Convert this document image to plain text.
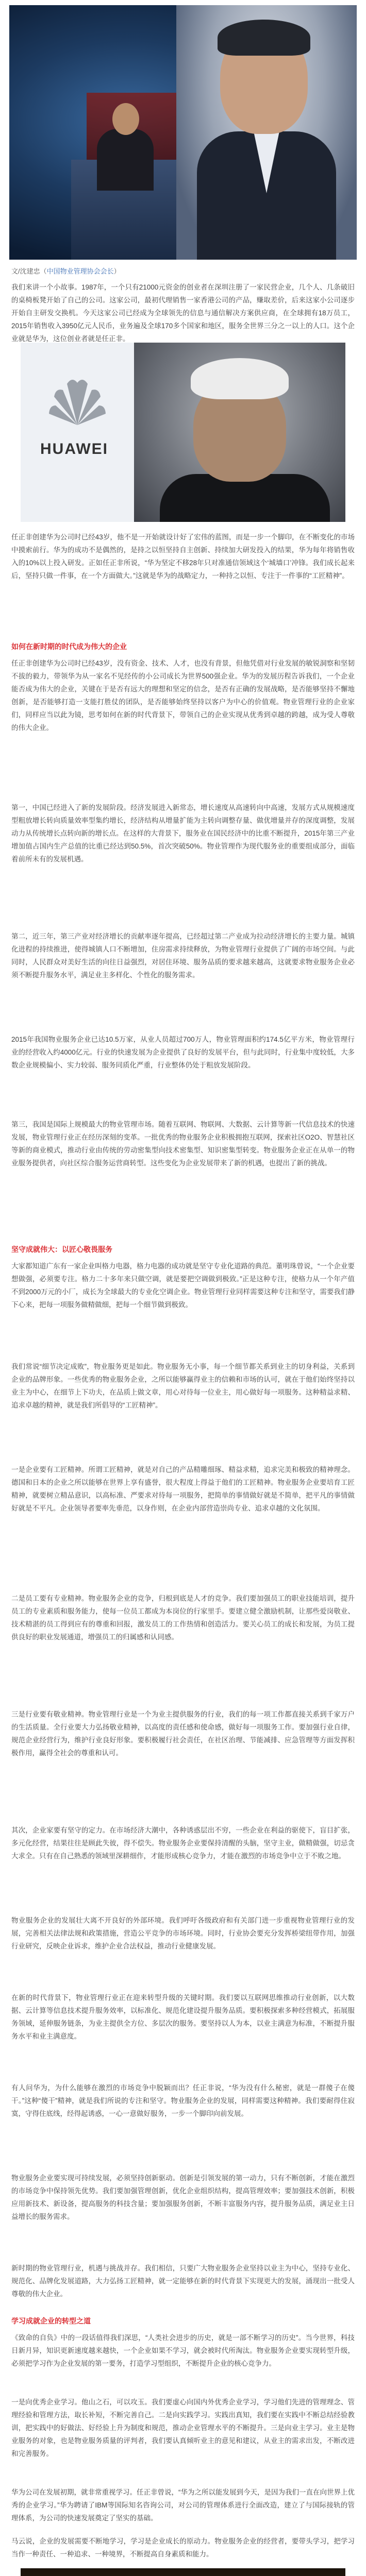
文/沈建忠（中国物业管理协会会长）

我们来讲一个小故事。1987年，一个只有21000元资金的创业者在深圳注册了一家民营企业，几个人、几条破旧的桌椅板凳开始了自己的公司。这家公司，最初代理销售一家香港公司的产品，赚取差价，后来这家小公司逐步开始自主研发交换机。今天这家公司已经成为全球领先的信息与通信解决方案供应商，在全球拥有18万员工，2015年销售收入3950亿元人民币，业务遍及全球170多个国家和地区，服务全世界三分之一以上的人口。这个企业就是华为，这位创业者就是任正非。

HUAWEI

任正非创建华为公司时已经43岁，他不是一开始就设计好了宏伟的蓝图，而是一步一个脚印，在不断变化的市场中摸索前行。华为的成功不是偶然的，是持之以恒坚持自主创新、持续加大研发投入的结果，华为每年将销售收入的10%以上投入研发。正如任正非所说，“华为坚定不移28年只对准通信领域这个‘城墙口’冲锋。我们成长起来后，坚持只做一件事，在一个方面做大。”这就是华为的战略定力，一种持之以恒、专注于一件事的“工匠精神”。

如何在新时期的时代成为伟大的企业

任正非创建华为公司时已经43岁，没有资金、技术、人才，也没有背景，但他凭借对行业发展的敏锐洞察和坚韧不拔的毅力，带领华为从一家名不见经传的小公司成长为世界500强企业。华为的发展历程告诉我们，一个企业能否成为伟大的企业，关键在于是否有远大的理想和坚定的信念，是否有正确的发展战略，是否能够坚持不懈地创新，是否能够打造一支能打胜仗的团队，是否能够始终坚持以客户为中心的价值观。物业管理行业的企业家们，同样应当以此为镜，思考如何在新的时代背景下，带领自己的企业实现从优秀到卓越的跨越，成为受人尊敬的伟大企业。

第一，中国已经进入了新的发展阶段。经济发展进入新常态，增长速度从高速转向中高速，发展方式从规模速度型粗放增长转向质量效率型集约增长，经济结构从增量扩能为主转向调整存量、做优增量并存的深度调整，发展动力从传统增长点转向新的增长点。在这样的大背景下，服务业在国民经济中的比重不断提升，2015年第三产业增加值占国内生产总值的比重已经达到50.5%，首次突破50%。物业管理作为现代服务业的重要组成部分，面临着前所未有的发展机遇。

第二，近三年，第三产业对经济增长的贡献率逐年提高，已经超过第二产业成为拉动经济增长的主要力量。城镇化进程的持续推进，使得城镇人口不断增加，住房需求持续释放，为物业管理行业提供了广阔的市场空间。与此同时，人民群众对美好生活的向往日益强烈，对居住环境、服务品质的要求越来越高，这就要求物业服务企业必须不断提升服务水平，满足业主多样化、个性化的服务需求。

2015年我国物业服务企业已达10.5万家，从业人员超过700万人，物业管理面积约174.5亿平方米，物业管理行业的经营收入约4000亿元。行业的快速发展为企业提供了良好的发展平台，但与此同时，行业集中度较低，大多数企业规模偏小、实力较弱、服务同质化严重，行业整体仍处于粗放发展阶段。

第三，我国是国际上规模最大的物业管理市场。随着互联网、物联网、大数据、云计算等新一代信息技术的快速发展，物业管理行业正在经历深刻的变革。一批优秀的物业服务企业积极拥抱互联网，探索社区O2O、智慧社区等新的商业模式，推动行业由传统的劳动密集型向技术密集型、知识密集型转变。物业服务企业正在从单一的物业服务提供者，向社区综合服务运营商转型。这些变化为企业发展带来了新的机遇，也提出了新的挑战。

坚守成就伟大：以匠心敬畏服务

大家都知道广东有一家企业叫格力电器，格力电器的成功就是坚守专业化道路的典范。董明珠曾说，“一个企业要想做强，必须要专注。格力二十多年来只做空调，就是要把空调做到极致。”正是这种专注，使格力从一个年产值不到2000万元的小厂，成长为全球最大的专业化空调企业。物业管理行业同样需要这种专注和坚守，需要我们静下心来，把每一项服务做精做细，把每一个细节做到极致。

我们常说“细节决定成败”，物业服务更是如此。物业服务无小事，每一个细节都关系到业主的切身利益，关系到企业的品牌形象。一些优秀的物业服务企业，之所以能够赢得业主的信赖和市场的认可，就在于他们始终坚持以业主为中心，在细节上下功夫，在品质上做文章，用心对待每一位业主，用心做好每一项服务。这种精益求精、追求卓越的精神，就是我们所倡导的“工匠精神”。

一是企业要有工匠精神。所谓工匠精神，就是对自己的产品精雕细琢、精益求精，追求完美和极致的精神理念。德国和日本的企业之所以能够在世界上享有盛誉，很大程度上得益于他们的工匠精神。物业服务企业要培育工匠精神，就要树立精品意识，以高标准、严要求对待每一项服务，把简单的事情做好就是不简单，把平凡的事情做好就是不平凡。企业领导者要率先垂范，以身作则，在企业内部营造崇尚专业、追求卓越的文化氛围。

二是员工要有专业精神。物业服务企业的竞争，归根到底是人才的竞争。我们要加强员工的职业技能培训，提升员工的专业素质和服务能力，使每一位员工都成为本岗位的行家里手。要建立健全激励机制，让那些爱岗敬业、技术精湛的员工得到应有的尊重和回报，激发员工的工作热情和创造活力。要关心员工的成长和发展，为员工提供良好的职业发展通道，增强员工的归属感和认同感。

三是行业要有敬业精神。物业管理行业是一个为业主提供服务的行业，我们的每一项工作都直接关系到千家万户的生活质量。全行业要大力弘扬敬业精神，以高度的责任感和使命感，做好每一项服务工作。要加强行业自律，规范企业经营行为，维护行业良好形象。要积极履行社会责任，在社区治理、节能减排、应急管理等方面发挥积极作用，赢得全社会的尊重和认可。

其次，企业家要有坚守的定力。在市场经济大潮中，各种诱惑层出不穷，一些企业在利益的驱使下，盲目扩张，多元化经营，结果往往是顾此失彼，得不偿失。物业服务企业要保持清醒的头脑，坚守主业，做精做强，切忌贪大求全。只有在自己熟悉的领域里深耕细作，才能形成核心竞争力，才能在激烈的市场竞争中立于不败之地。

物业服务企业的发展壮大离不开良好的外部环境。我们呼吁各级政府和有关部门进一步重视物业管理行业的发展，完善相关法律法规和政策措施，营造公平竞争的市场环境。同时，行业协会要充分发挥桥梁纽带作用，加强行业研究，反映企业诉求，维护企业合法权益，推动行业健康发展。

在新的时代背景下，物业管理行业正在迎来转型升级的关键时期。我们要以互联网思维推动行业创新，以大数据、云计算等信息技术提升服务效率，以标准化、规范化建设提升服务品质。要积极探索多种经营模式，拓展服务领域，延伸服务链条，为业主提供全方位、多层次的服务。要坚持以人为本，以业主满意为标准，不断提升服务水平和业主满意度。

有人问华为，为什么能够在激烈的市场竞争中脱颖而出？任正非说，“华为没有什么秘密，就是一群傻子在傻干。”这种“傻干”精神，就是我们所说的专注和坚守。物业服务企业的发展，同样需要这种精神。我们要耐得住寂寞，守得住底线，经得起诱惑，一心一意做好服务，一步一个脚印向前发展。

物业服务企业要实现可持续发展，必须坚持创新驱动。创新是引领发展的第一动力，只有不断创新，才能在激烈的市场竞争中保持领先优势。我们要加强管理创新，优化企业组织结构，提高管理效率；要加强技术创新，积极应用新技术、新设备，提高服务的科技含量；要加强服务创新，不断丰富服务内容，提升服务品质，满足业主日益增长的服务需求。

新时期的物业管理行业，机遇与挑战并存。我们相信，只要广大物业服务企业坚持以业主为中心，坚持专业化、规范化、品牌化发展道路，大力弘扬工匠精神，就一定能够在新的时代背景下实现更大的发展，涌现出一批受人尊敬的伟大企业。

学习成就企业的转型之道

《致命的自负》中的一段话值得我们深思，“人类社会进步的历史，就是一部不断学习的历史”。当今世界，科技日新月异，知识更新速度越来越快，一个企业如果不学习，就会被时代所淘汰。物业服务企业要实现转型升级，必须把学习作为企业发展的第一要务，打造学习型组织，不断提升企业的核心竞争力。

一是向优秀企业学习。他山之石，可以攻玉。我们要虚心向国内外优秀企业学习，学习他们先进的管理理念、管理经验和管理方法，取长补短，不断完善自己。二是向实践学习。实践出真知，我们要在实践中不断总结经验教训，把实践中的好做法、好经验上升为制度和规范，推动企业管理水平的不断提升。三是向业主学习。业主是物业服务的对象，也是物业服务质量的评判者，我们要认真倾听业主的意见和建议，从业主的需求出发，不断改进和完善服务。

华为公司在发展初期，就非常重视学习。任正非曾说，“华为之所以能发展到今天，是因为我们一直在向世界上优秀的企业学习。”华为聘请了IBM等国际知名咨询公司，对公司的管理体系进行全面改造，建立了与国际接轨的管理体系，为公司的快速发展奠定了坚实的基础。

马云说，企业的发展需要不断地学习，学习是企业成长的原动力。物业服务企业的经营者，要带头学习，把学习当作一种责任、一种追求、一种境界，不断提高自身素质和能力。
